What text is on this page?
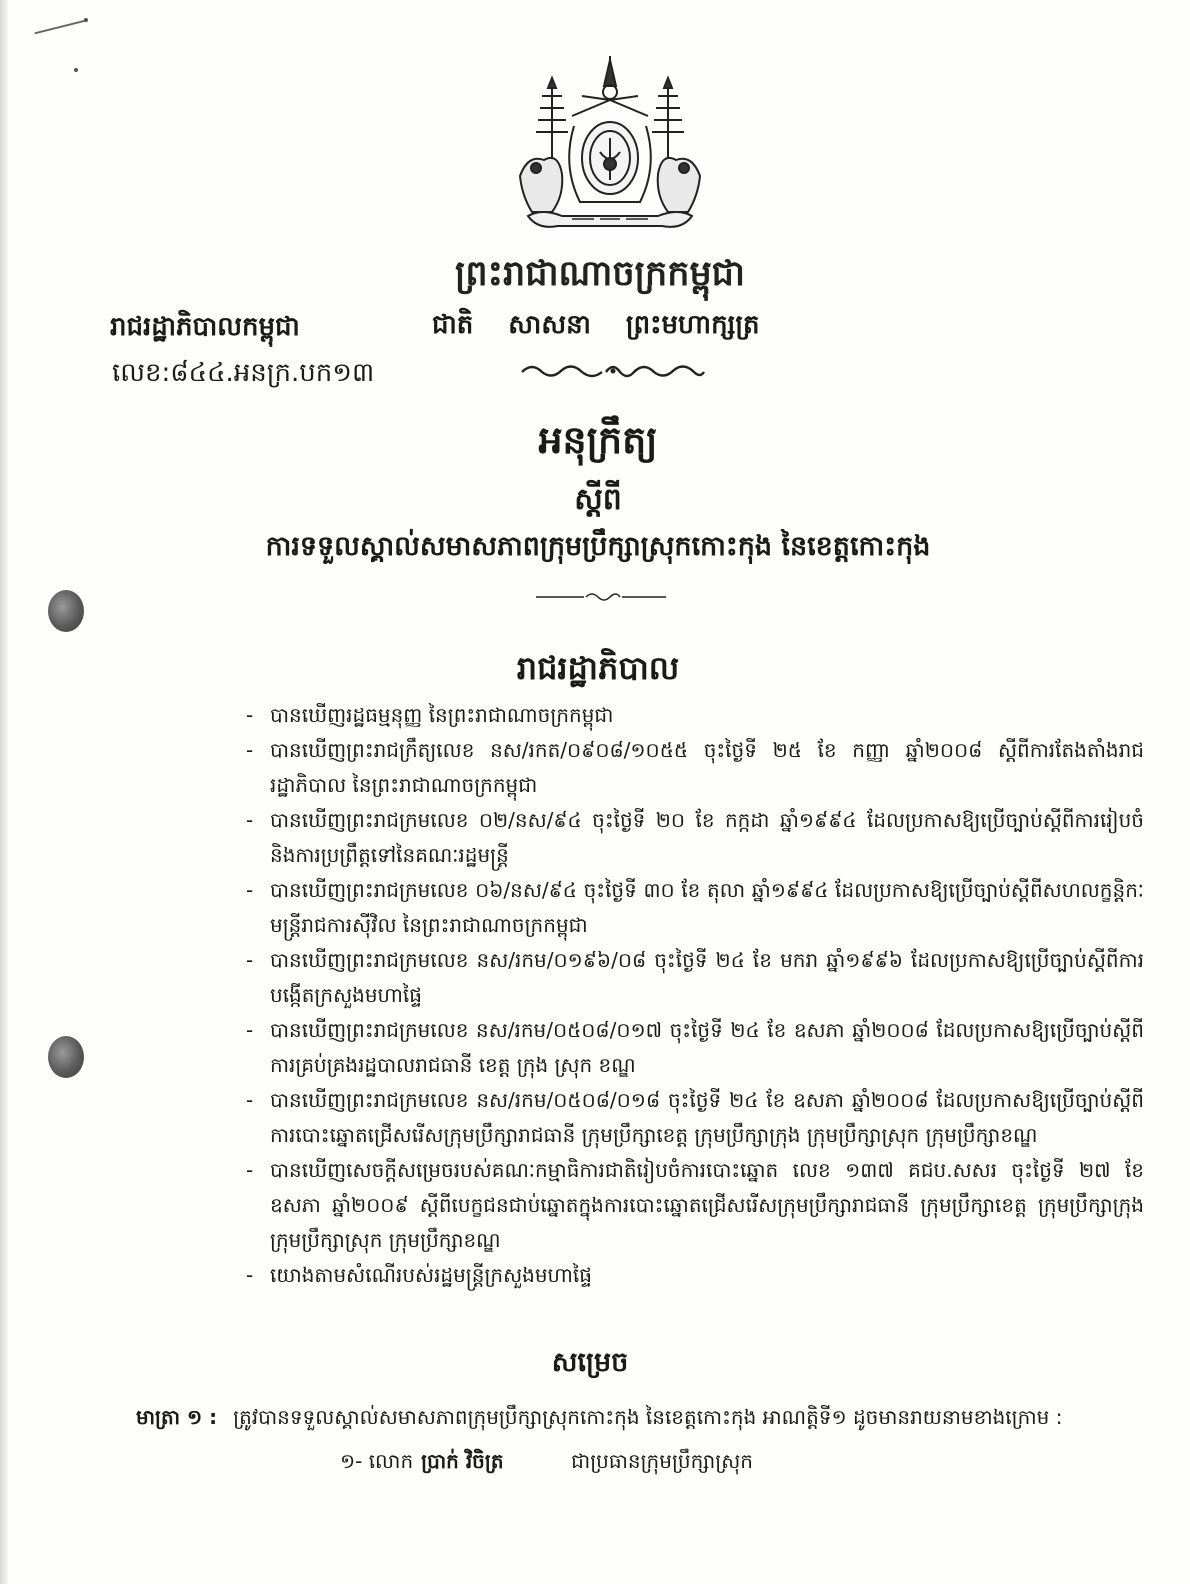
ព្រះរាជាណាចក្រកម្ពុជា
រាជរដ្ឋាភិបាលកម្ពុជា	ជាតិ សាសនា ព្រះមហាក្សត្រ
លេខ:៨៤៤.អនក្រ.បក១៣
អនុក្រឹត្យ
ស្ដីពី
ការទទួលស្គាល់សមាសភាពក្រុមប្រឹក្សាស្រុកកោះកុង នៃខេត្តកោះកុង
រាជរដ្ឋាភិបាល
- បានឃើញរដ្ឋធម្មនុញ្ញ នៃព្រះរាជាណាចក្រកម្ពុជា
- បានឃើញព្រះរាជក្រឹត្យលេខ នស/រកត/០៩០៨/១០៥៥ ចុះថ្ងៃទី ២៥ ខែ កញ្ញា ឆ្នាំ២០០៨ ស្ដីពីការតែងតាំងរាជរដ្ឋាភិបាល នៃព្រះរាជាណាចក្រកម្ពុជា
- បានឃើញព្រះរាជក្រមលេខ ០២/នស/៩៤ ចុះថ្ងៃទី ២០ ខែ កក្កដា ឆ្នាំ១៩៩៤ ដែលប្រកាសឱ្យប្រើច្បាប់ស្ដីពីការរៀបចំ និងការប្រព្រឹត្តទៅនៃគណៈរដ្ឋមន្ត្រី
- បានឃើញព្រះរាជក្រមលេខ ០៦/នស/៩៤ ចុះថ្ងៃទី ៣០ ខែ តុលា ឆ្នាំ១៩៩៤ ដែលប្រកាសឱ្យប្រើច្បាប់ស្ដីពីសហលក្ខន្តិកៈមន្ត្រីរាជការស៊ីវិល នៃព្រះរាជាណាចក្រកម្ពុជា
- បានឃើញព្រះរាជក្រមលេខ នស/រកម/០១៩៦/០៨ ចុះថ្ងៃទី ២៤ ខែ មករា ឆ្នាំ១៩៩៦ ដែលប្រកាសឱ្យប្រើច្បាប់ស្ដីពីការបង្កើតក្រសួងមហាផ្ទៃ
- បានឃើញព្រះរាជក្រមលេខ នស/រកម/០៥០៨/០១៧ ចុះថ្ងៃទី ២៤ ខែ ឧសភា ឆ្នាំ២០០៨ ដែលប្រកាសឱ្យប្រើច្បាប់ស្ដីពីការគ្រប់គ្រងរដ្ឋបាលរាជធានី ខេត្ត ក្រុង ស្រុក ខណ្ឌ
- បានឃើញព្រះរាជក្រមលេខ នស/រកម/០៥០៨/០១៨ ចុះថ្ងៃទី ២៤ ខែ ឧសភា ឆ្នាំ២០០៨ ដែលប្រកាសឱ្យប្រើច្បាប់ស្ដីពីការបោះឆ្នោតជ្រើសរើសក្រុមប្រឹក្សារាជធានី ក្រុមប្រឹក្សាខេត្ត ក្រុមប្រឹក្សាក្រុង ក្រុមប្រឹក្សាស្រុក ក្រុមប្រឹក្សាខណ្ឌ
- បានឃើញសេចក្ដីសម្រេចរបស់គណៈកម្មាធិការជាតិរៀបចំការបោះឆ្នោត លេខ ១៣៧ គជប.សសរ ចុះថ្ងៃទី ២៧ ខែ ឧសភា ឆ្នាំ២០០៩ ស្ដីពីបេក្ខជនជាប់ឆ្នោតក្នុងការបោះឆ្នោតជ្រើសរើសក្រុមប្រឹក្សារាជធានី ក្រុមប្រឹក្សាខេត្ត ក្រុមប្រឹក្សាក្រុង ក្រុមប្រឹក្សាស្រុក ក្រុមប្រឹក្សាខណ្ឌ
- យោងតាមសំណើរបស់រដ្ឋមន្ត្រីក្រសួងមហាផ្ទៃ
សម្រេច
មាត្រា ១ : ត្រូវបានទទួលស្គាល់សមាសភាពក្រុមប្រឹក្សាស្រុកកោះកុង នៃខេត្តកោះកុង អាណត្តិទី១ ដូចមានរាយនាមខាងក្រោម :
១- លោក ប្រាក់ វិចិត្រ	ជាប្រធានក្រុមប្រឹក្សាស្រុក
